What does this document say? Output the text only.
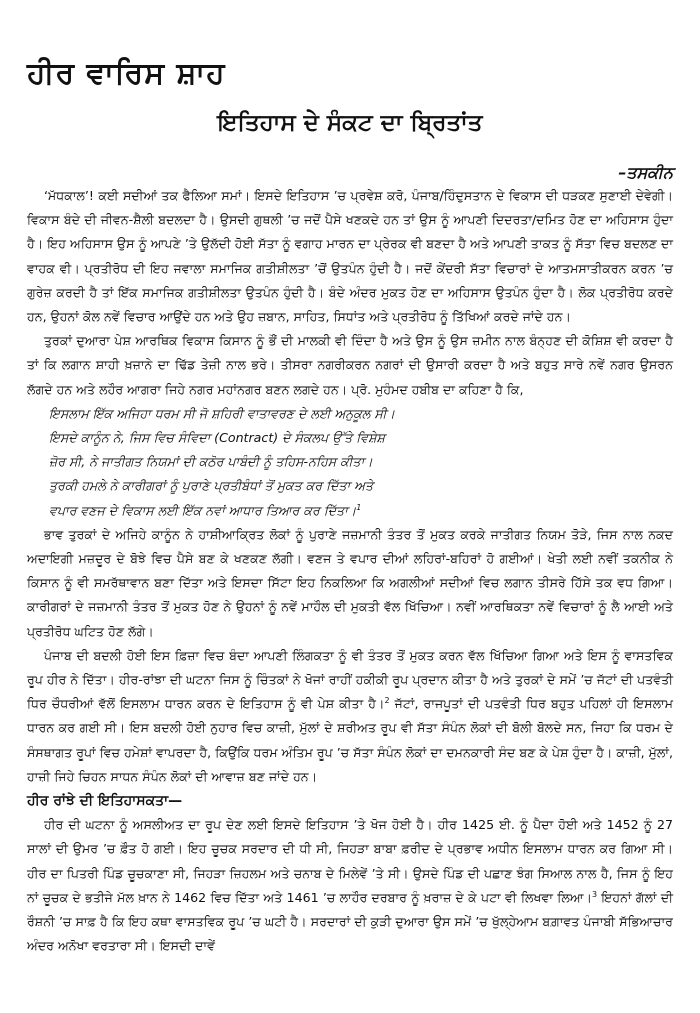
ਹੀਰ ਵਾਰਿਸ ਸ਼ਾਹ
ਇਤਿਹਾਸ ਦੇ ਸੰਕਟ ਦਾ ਬ੍ਰਿਤਾਂਤ
–ਤਸਕੀਨ

‘ਮੱਧਕਾਲ’! ਕਈ ਸਦੀਆਂ ਤਕ ਫੈਲਿਆ ਸਮਾਂ। ਇਸਦੇ ਇਤਿਹਾਸ ’ਚ ਪ੍ਰਵੇਸ਼ ਕਰੋ, ਪੰਜਾਬ/ਹਿੰਦੁਸਤਾਨ ਦੇ ਵਿਕਾਸ ਦੀ ਧੜਕਣ ਸੁਣਾਈ ਦੇਵੇਗੀ। ਵਿਕਾਸ ਬੰਦੇ ਦੀ ਜੀਵਨ-ਸ਼ੈਲੀ ਬਦਲਦਾ ਹੈ। ਉਸਦੀ ਗੁਥਲੀ ’ਚ ਜਦੋਂ ਪੈਸੇ ਖਣਕਦੇ ਹਨ ਤਾਂ ਉਸ ਨੂੰ ਆਪਣੀ ਦਿਦਰਤਾ/ਦਮਿਤ ਹੋਣ ਦਾ ਅਹਿਸਾਸ ਹੁੰਦਾ ਹੈ। ਇਹ ਅਹਿਸਾਸ ਉਸ ਨੂੰ ਆਪਣੇ ’ਤੇ ਉਲੱਦੀ ਹੋਈ ਸੱਤਾ ਨੂੰ ਵਗਾਹ ਮਾਰਨ ਦਾ ਪ੍ਰੇਰਕ ਵੀ ਬਣਦਾ ਹੈ ਅਤੇ ਆਪਣੀ ਤਾਕਤ ਨੂੰ ਸੱਤਾ ਵਿਚ ਬਦਲਣ ਦਾ ਵਾਹਕ ਵੀ। ਪ੍ਰਤੀਰੋਧ ਦੀ ਇਹ ਜਵਾਲਾ ਸਮਾਜਿਕ ਗਤੀਸ਼ੀਲਤਾ ’ਚੋਂ ਉਤਪੰਨ ਹੁੰਦੀ ਹੈ। ਜਦੋਂ ਕੇਂਦਰੀ ਸੱਤਾ ਵਿਚਾਰਾਂ ਦੇ ਆਤਮਸਾਤੀਕਰਨ ਕਰਨ ’ਚ ਗੁਰੇਜ਼ ਕਰਦੀ ਹੈ ਤਾਂ ਇੱਕ ਸਮਾਜਿਕ ਗਤੀਸ਼ੀਲਤਾ ਉਤਪੰਨ ਹੁੰਦੀ ਹੈ। ਬੰਦੇ ਅੰਦਰ ਮੁਕਤ ਹੋਣ ਦਾ ਅਹਿਸਾਸ ਉਤਪੰਨ ਹੁੰਦਾ ਹੈ। ਲੋਕ ਪ੍ਰਤੀਰੋਧ ਕਰਦੇ ਹਨ, ਉਹਨਾਂ ਕੋਲ ਨਵੇਂ ਵਿਚਾਰ ਆਉਂਦੇ ਹਨ ਅਤੇ ਉਹ ਜ਼ਬਾਨ, ਸਾਹਿਤ, ਸਿਧਾਂਤ ਅਤੇ ਪ੍ਰਤੀਰੋਧ ਨੂੰ ਤਿੱਖਿਆਂ ਕਰਦੇ ਜਾਂਦੇ ਹਨ।

ਤੁਰਕਾਂ ਦੁਆਰਾ ਪੇਸ਼ ਆਰਥਿਕ ਵਿਕਾਸ ਕਿਸਾਨ ਨੂੰ ਭੌਂ ਦੀ ਮਾਲਕੀ ਵੀ ਦਿੰਦਾ ਹੈ ਅਤੇ ਉਸ ਨੂੰ ਉਸ ਜ਼ਮੀਨ ਨਾਲ ਬੰਨ੍ਹਣ ਦੀ ਕੋਸ਼ਿਸ਼ ਵੀ ਕਰਦਾ ਹੈ ਤਾਂ ਕਿ ਲਗਾਨ ਸ਼ਾਹੀ ਖ਼ਜ਼ਾਨੇ ਦਾ ਢਿੱਡ ਤੇਜ਼ੀ ਨਾਲ ਭਰੇ। ਤੀਸਰਾ ਨਗਰੀਕਰਨ ਨਗਰਾਂ ਦੀ ਉਸਾਰੀ ਕਰਦਾ ਹੈ ਅਤੇ ਬਹੁਤ ਸਾਰੇ ਨਵੇਂ ਨਗਰ ਉਸਰਨ ਲੱਗਦੇ ਹਨ ਅਤੇ ਲਹੌਰ ਆਗਰਾ ਜਿਹੇ ਨਗਰ ਮਹਾਂਨਗਰ ਬਣਨ ਲਗਦੇ ਹਨ। ਪ੍ਰੋ. ਮੁਹੰਮਦ ਹਬੀਬ ਦਾ ਕਹਿਣਾ ਹੈ ਕਿ,

ਇਸਲਾਮ ਇੱਕ ਅਜਿਹਾ ਧਰਮ ਸੀ ਜੋ ਸ਼ਹਿਰੀ ਵਾਤਾਵਰਣ ਦੇ ਲਈ ਅਨੁਕੂਲ ਸੀ।
ਇਸਦੇ ਕਾਨੂੰਨ ਨੇ, ਜਿਸ ਵਿਚ ਸੰਵਿਦਾ (Contract) ਦੇ ਸੰਕਲਪ ਉੱਤੇ ਵਿਸ਼ੇਸ਼
ਜ਼ੋਰ ਸੀ, ਨੇ ਜਾਤੀਗਤ ਨਿਯਮਾਂ ਦੀ ਕਠੋਰ ਪਾਬੰਦੀ ਨੂੰ ਤਹਿਸ-ਨਹਿਸ ਕੀਤਾ।
ਤੁਰਕੀ ਹਮਲੇ ਨੇ ਕਾਰੀਗਰਾਂ ਨੂੰ ਪੁਰਾਣੇ ਪ੍ਰਤੀਬੰਧਾਂ ਤੋਂ ਮੁਕਤ ਕਰ ਦਿੱਤਾ ਅਤੇ
ਵਪਾਰ ਵਣਜ ਦੇ ਵਿਕਾਸ ਲਈ ਇੱਕ ਨਵਾਂ ਆਧਾਰ ਤਿਆਰ ਕਰ ਦਿੱਤਾ।$^1$

ਭਾਵ ਤੁਰਕਾਂ ਦੇ ਅਜਿਹੇ ਕਾਨੂੰਨ ਨੇ ਹਾਸ਼ੀਆਕ੍ਰਿਤ ਲੋਕਾਂ ਨੂੰ ਪੁਰਾਣੇ ਜਜ਼ਮਾਨੀ ਤੰਤਰ ਤੋਂ ਮੁਕਤ ਕਰਕੇ ਜਾਤੀਗਤ ਨਿਯਮ ਤੋੜੇ, ਜਿਸ ਨਾਲ ਨਕਦ ਅਦਾਇਗੀ ਮਜ਼ਦੂਰ ਦੇ ਬੋਝੇ ਵਿਚ ਪੈਸੇ ਬਣ ਕੇ ਖਣਕਣ ਲੱਗੀ। ਵਣਜ ਤੇ ਵਪਾਰ ਦੀਆਂ ਲਹਿਰਾਂ-ਬਹਿਰਾਂ ਹੋ ਗਈਆਂ। ਖੇਤੀ ਲਈ ਨਵੀਂ ਤਕਨੀਕ ਨੇ ਕਿਸਾਨ ਨੂੰ ਵੀ ਸਮਰੱਥਾਵਾਨ ਬਣਾ ਦਿੱਤਾ ਅਤੇ ਇਸਦਾ ਸਿੱਟਾ ਇਹ ਨਿਕਲਿਆ ਕਿ ਅਗਲੀਆਂ ਸਦੀਆਂ ਵਿਚ ਲਗਾਨ ਤੀਸਰੇ ਹਿੱਸੇ ਤਕ ਵਧ ਗਿਆ। ਕਾਰੀਗਰਾਂ ਦੇ ਜਜ਼ਮਾਨੀ ਤੰਤਰ ਤੋਂ ਮੁਕਤ ਹੋਣ ਨੇ ਉਹਨਾਂ ਨੂੰ ਨਵੇਂ ਮਾਹੌਲ ਦੀ ਮੁਕਤੀ ਵੱਲ ਖਿੱਚਿਆ। ਨਵੀਂ ਆਰਥਿਕਤਾ ਨਵੇਂ ਵਿਚਾਰਾਂ ਨੂੰ ਲੈ ਆਈ ਅਤੇ ਪ੍ਰਤੀਰੋਧ ਘਟਿਤ ਹੋਣ ਲੱਗੇ।

ਪੰਜਾਬ ਦੀ ਬਦਲੀ ਹੋਈ ਇਸ ਫ਼ਿਜ਼ਾ ਵਿਚ ਬੰਦਾ ਆਪਣੀ ਲਿੰਗਕਤਾ ਨੂੰ ਵੀ ਤੰਤਰ ਤੋਂ ਮੁਕਤ ਕਰਨ ਵੱਲ ਖਿੱਚਿਆ ਗਿਆ ਅਤੇ ਇਸ ਨੂੰ ਵਾਸਤਵਿਕ ਰੂਪ ਹੀਰ ਨੇ ਦਿੱਤਾ। ਹੀਰ-ਰਾਂਝਾ ਦੀ ਘਟਨਾ ਜਿਸ ਨੂੰ ਚਿੰਤਕਾਂ ਨੇ ਖੋਜਾਂ ਰਾਹੀਂ ਹਕੀਕੀ ਰੂਪ ਪ੍ਰਦਾਨ ਕੀਤਾ ਹੈ ਅਤੇ ਤੁਰਕਾਂ ਦੇ ਸਮੇਂ ’ਚ ਜੱਟਾਂ ਦੀ ਪਤਵੰਤੀ ਧਿਰ ਚੌਧਰੀਆਂ ਵੱਲੋਂ ਇਸਲਾਮ ਧਾਰਨ ਕਰਨ ਦੇ ਇਤਿਹਾਸ ਨੂੰ ਵੀ ਪੇਸ਼ ਕੀਤਾ ਹੈ।$^2$ ਜੱਟਾਂ, ਰਾਜਪੂਤਾਂ ਦੀ ਪਤਵੰਤੀ ਧਿਰ ਬਹੁਤ ਪਹਿਲਾਂ ਹੀ ਇਸਲਾਮ ਧਾਰਨ ਕਰ ਗਈ ਸੀ। ਇਸ ਬਦਲੀ ਹੋਈ ਨੁਹਾਰ ਵਿਚ ਕਾਜ਼ੀ, ਮੁੱਲਾਂ ਦੇ ਸ਼ਰੀਅਤ ਰੂਪ ਵੀ ਸੱਤਾ ਸੰਪੰਨ ਲੋਕਾਂ ਦੀ ਬੋਲੀ ਬੋਲਦੇ ਸਨ, ਜਿਹਾ ਕਿ ਧਰਮ ਦੇ ਸੰਸਥਾਗਤ ਰੂਪਾਂ ਵਿਚ ਹਮੇਸ਼ਾਂ ਵਾਪਰਦਾ ਹੈ, ਕਿਉਂਕਿ ਧਰਮ ਅੰਤਿਮ ਰੂਪ ’ਚ ਸੱਤਾ ਸੰਪੰਨ ਲੋਕਾਂ ਦਾ ਦਮਨਕਾਰੀ ਸੰਦ ਬਣ ਕੇ ਪੇਸ਼ ਹੁੰਦਾ ਹੈ। ਕਾਜ਼ੀ, ਮੁੱਲਾਂ, ਹਾਜ਼ੀ ਜਿਹੇ ਚਿਹਨ ਸਾਧਨ ਸੰਪੰਨ ਲੋਕਾਂ ਦੀ ਆਵਾਜ਼ ਬਣ ਜਾਂਦੇ ਹਨ।

ਹੀਰ ਰਾਂਝੇ ਦੀ ਇਤਿਹਾਸਕਤਾ—

ਹੀਰ ਦੀ ਘਟਨਾ ਨੂੰ ਅਸਲੀਅਤ ਦਾ ਰੂਪ ਦੇਣ ਲਈ ਇਸਦੇ ਇਤਿਹਾਸ ’ਤੇ ਖੋਜ ਹੋਈ ਹੈ। ਹੀਰ 1425 ਈ. ਨੂੰ ਪੈਦਾ ਹੋਈ ਅਤੇ 1452 ਨੂੰ 27 ਸਾਲਾਂ ਦੀ ਉਮਰ ’ਚ ਫ਼ੌਤ ਹੋ ਗਈ। ਇਹ ਚੂਚਕ ਸਰਦਾਰ ਦੀ ਧੀ ਸੀ, ਜਿਹੜਾ ਬਾਬਾ ਫ਼ਰੀਦ ਦੇ ਪ੍ਰਭਾਵ ਅਧੀਨ ਇਸਲਾਮ ਧਾਰਨ ਕਰ ਗਿਆ ਸੀ। ਹੀਰ ਦਾ ਪਿਤਰੀ ਪਿੰਡ ਚੂਚਕਾਣਾ ਸੀ, ਜਿਹੜਾ ਜ਼ਿਹਲਮ ਅਤੇ ਚਨਾਬ ਦੇ ਮਿਲੇਵੇਂ ’ਤੇ ਸੀ। ਉਸਦੇ ਪਿੰਡ ਦੀ ਪਛਾਣ ਝੰਗ ਸਿਆਲ ਨਾਲ ਹੈ, ਜਿਸ ਨੂੰ ਇਹ ਨਾਂ ਚੂਚਕ ਦੇ ਭਤੀਜੇ ਮੱਲ ਖ਼ਾਨ ਨੇ 1462 ਵਿਚ ਦਿੱਤਾ ਅਤੇ 1461 ’ਚ ਲਾਹੌਰ ਦਰਬਾਰ ਨੂੰ ਖ਼ਰਾਜ਼ ਦੇ ਕੇ ਪਟਾ ਵੀ ਲਿਖਵਾ ਲਿਆ।$^3$ ਇਹਨਾਂ ਗੱਲਾਂ ਦੀ ਰੌਸ਼ਨੀ ’ਚ ਸਾਫ਼ ਹੈ ਕਿ ਇਹ ਕਥਾ ਵਾਸਤਵਿਕ ਰੂਪ ’ਚ ਘਟੀ ਹੈ। ਸਰਦਾਰਾਂ ਦੀ ਕੁੜੀ ਦੁਆਰਾ ਉਸ ਸਮੇਂ ’ਚ ਖੁੱਲ੍ਹੇਆਮ ਬਗ਼ਾਵਤ ਪੰਜਾਬੀ ਸੱਭਿਆਚਾਰ ਅੰਦਰ ਅਨੋਖਾ ਵਰਤਾਰਾ ਸੀ। ਇਸਦੀ ਦਾਵੇਂ
